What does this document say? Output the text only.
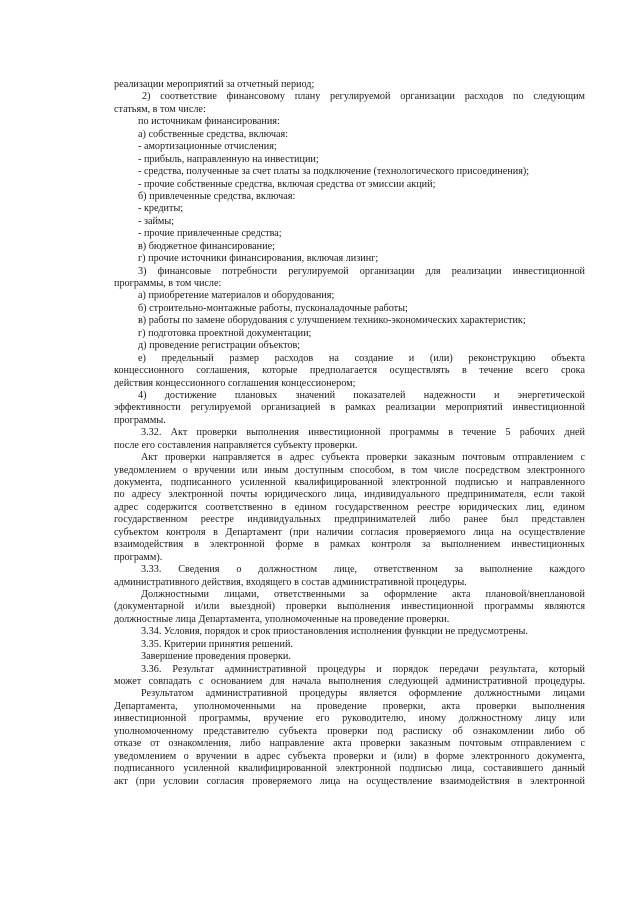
реализации мероприятий за отчетный период;
2) соответствие финансовому плану регулируемой организации расходов по следующим
статьям, в том числе:
по источникам финансирования:
а) собственные средства, включая:
- амортизационные отчисления;
- прибыль, направленную на инвестиции;
- средства, полученные за счет платы за подключение (технологического присоединения);
- прочие собственные средства, включая средства от эмиссии акций;
б) привлеченные средства, включая:
- кредиты;
- займы;
- прочие привлеченные средства;
в) бюджетное финансирование;
г) прочие источники финансирования, включая лизинг;
3) финансовые потребности регулируемой организации для реализации инвестиционной
программы, в том числе:
а) приобретение материалов и оборудования;
б) строительно-монтажные работы, пусконаладочные работы;
в) работы по замене оборудования с улучшением технико-экономических характеристик;
г) подготовка проектной документации;
д) проведение регистрации объектов;
е) предельный размер расходов на создание и (или) реконструкцию объекта
концессионного соглашения, которые предполагается осуществлять в течение всего срока
действия концессионного соглашения концессионером;
4) достижение плановых значений показателей надежности и энергетической
эффективности регулируемой организацией в рамках реализации мероприятий инвестиционной
программы.
3.32. Акт проверки выполнения инвестиционной программы в течение 5 рабочих дней
после его составления направляется субъекту проверки.
Акт проверки направляется в адрес субъекта проверки заказным почтовым отправлением с
уведомлением о вручении или иным доступным способом, в том числе посредством электронного
документа, подписанного усиленной квалифицированной электронной подписью и направленного
по адресу электронной почты юридического лица, индивидуального предпринимателя, если такой
адрес содержится соответственно в едином государственном реестре юридических лиц, едином
государственном реестре индивидуальных предпринимателей либо ранее был представлен
субъектом контроля в Департамент (при наличии согласия проверяемого лица на осуществление
взаимодействия в электронной форме в рамках контроля за выполнением инвестиционных
программ).
3.33. Сведения о должностном лице, ответственном за выполнение каждого
административного действия, входящего в состав административной процедуры.
Должностными лицами, ответственными за оформление акта плановой/внеплановой
(документарной и/или выездной) проверки выполнения инвестиционной программы являются
должностные лица Департамента, уполномоченные на проведение проверки.
3.34. Условия, порядок и срок приостановления исполнения функции не предусмотрены.
3.35. Критерии принятия решений.
Завершение проведения проверки.
3.36. Результат административной процедуры и порядок передачи результата, который
может совпадать с основанием для начала выполнения следующей административной процедуры.
Результатом административной процедуры является оформление должностными лицами
Департамента, уполномоченными на проведение проверки, акта проверки выполнения
инвестиционной программы, вручение его руководителю, иному должностному лицу или
уполномоченному представителю субъекта проверки под расписку об ознакомлении либо об
отказе от ознакомления, либо направление акта проверки заказным почтовым отправлением с
уведомлением о вручении в адрес субъекта проверки и (или) в форме электронного документа,
подписанного усиленной квалифицированной электронной подписью лица, составившего данный
акт (при условии согласия проверяемого лица на осуществление взаимодействия в электронной
